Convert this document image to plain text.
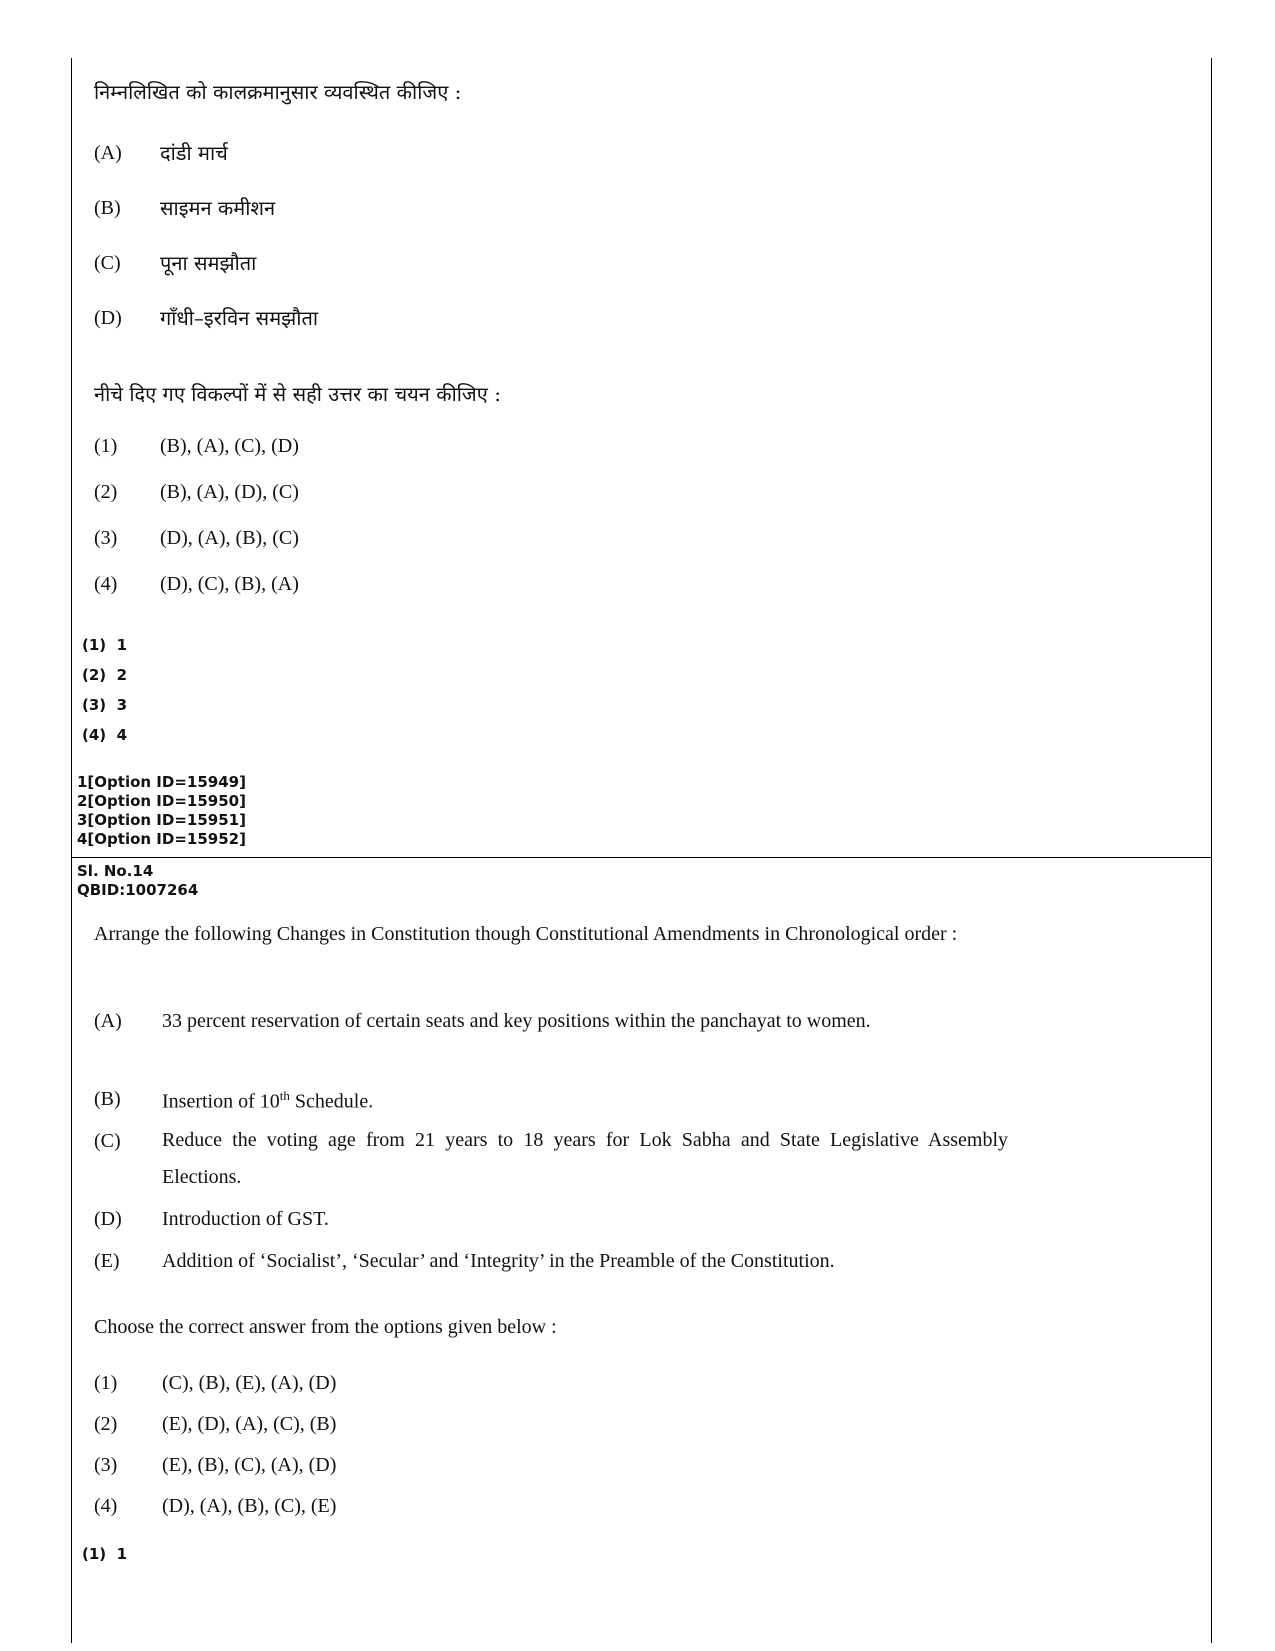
निम्नलिखित को कालक्रमानुसार व्यवस्थित कीजिए :
(A) दांडी मार्च
(B) साइमन कमीशन
(C) पूना समझौता
(D) गाँधी–इरविन समझौता
नीचे दिए गए विकल्पों में से सही उत्तर का चयन कीजिए :
(1) (B), (A), (C), (D)
(2) (B), (A), (D), (C)
(3) (D), (A), (B), (C)
(4) (D), (C), (B), (A)
(1) 1
(2) 2
(3) 3
(4) 4
1[Option ID=15949]
2[Option ID=15950]
3[Option ID=15951]
4[Option ID=15952]
Sl. No.14
QBID:1007264
Arrange the following Changes in Constitution though Constitutional Amendments in Chronological order :
(A) 33 percent reservation of certain seats and key positions within the panchayat to women.
(B) Insertion of 10th Schedule.
(C) Reduce the voting age from 21 years to 18 years for Lok Sabha and State Legislative Assembly Elections.
(D) Introduction of GST.
(E) Addition of ‘Socialist’, ‘Secular’ and ‘Integrity’ in the Preamble of the Constitution.
Choose the correct answer from the options given below :
(1) (C), (B), (E), (A), (D)
(2) (E), (D), (A), (C), (B)
(3) (E), (B), (C), (A), (D)
(4) (D), (A), (B), (C), (E)
(1) 1
